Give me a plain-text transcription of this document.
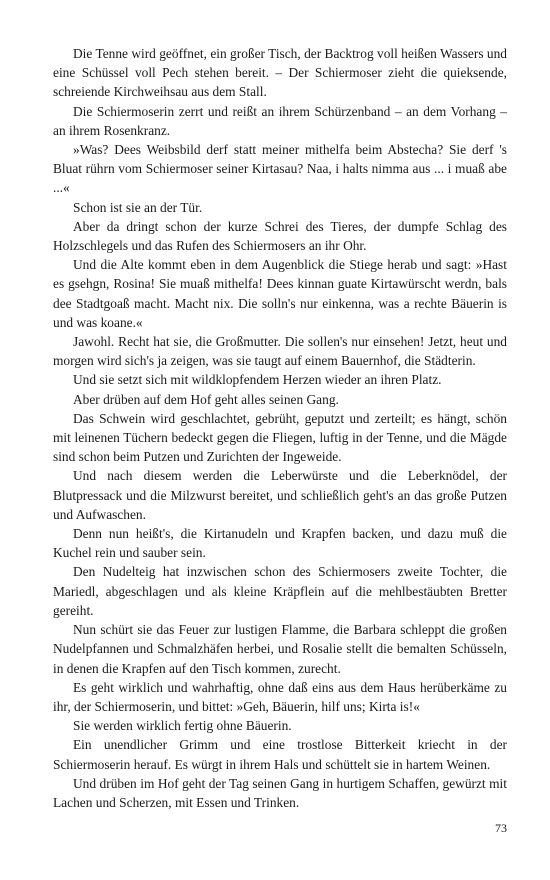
Die Tenne wird geöffnet, ein großer Tisch, der Backtrog voll heißen Wassers und eine Schüssel voll Pech stehen bereit. – Der Schiermoser zieht die quieksende, schreiende Kirchweihsau aus dem Stall.

Die Schiermoserin zerrt und reißt an ihrem Schürzenband – an dem Vorhang – an ihrem Rosenkranz.

»Was? Dees Weibsbild derf statt meiner mithelfa beim Abstecha? Sie derf 's Bluat rührn vom Schiermoser seiner Kirtasau? Naa, i halts nimma aus ... i muaß abe ...«

Schon ist sie an der Tür.

Aber da dringt schon der kurze Schrei des Tieres, der dumpfe Schlag des Holzschlegels und das Rufen des Schiermosers an ihr Ohr.

Und die Alte kommt eben in dem Augenblick die Stiege herab und sagt: »Hast es gsehgn, Rosina! Sie muaß mithelfa! Dees kinnan guate Kirtawürscht werdn, bals dee Stadtgoaß macht. Macht nix. Die solln's nur einkenna, was a rechte Bäuerin is und was koane.«

Jawohl. Recht hat sie, die Großmutter. Die sollen's nur einsehen! Jetzt, heut und morgen wird sich's ja zeigen, was sie taugt auf einem Bauernhof, die Städterin.

Und sie setzt sich mit wildklopfendem Herzen wieder an ihren Platz.

Aber drüben auf dem Hof geht alles seinen Gang.

Das Schwein wird geschlachtet, gebrüht, geputzt und zerteilt; es hängt, schön mit leinenen Tüchern bedeckt gegen die Fliegen, luftig in der Tenne, und die Mägde sind schon beim Putzen und Zurichten der Ingeweide.

Und nach diesem werden die Leberwürste und die Leberknödel, der Blutpressack und die Milzwurst bereitet, und schließlich geht's an das große Putzen und Aufwaschen.

Denn nun heißt's, die Kirtanudeln und Krapfen backen, und dazu muß die Kuchel rein und sauber sein.

Den Nudelteig hat inzwischen schon des Schiermosers zweite Tochter, die Mariedl, abgeschlagen und als kleine Kräpflein auf die mehlbestäubten Bretter gereiht.

Nun schürt sie das Feuer zur lustigen Flamme, die Barbara schleppt die großen Nudelpfannen und Schmalzhäfen herbei, und Rosalie stellt die bemalten Schüsseln, in denen die Krapfen auf den Tisch kommen, zurecht.

Es geht wirklich und wahrhaftig, ohne daß eins aus dem Haus herüberkäme zu ihr, der Schiermoserin, und bittet: »Geh, Bäuerin, hilf uns; Kirta is!«

Sie werden wirklich fertig ohne Bäuerin.

Ein unendlicher Grimm und eine trostlose Bitterkeit kriecht in der Schiermoserin herauf. Es würgt in ihrem Hals und schüttelt sie in hartem Weinen.

Und drüben im Hof geht der Tag seinen Gang in hurtigem Schaffen, gewürzt mit Lachen und Scherzen, mit Essen und Trinken.

73
